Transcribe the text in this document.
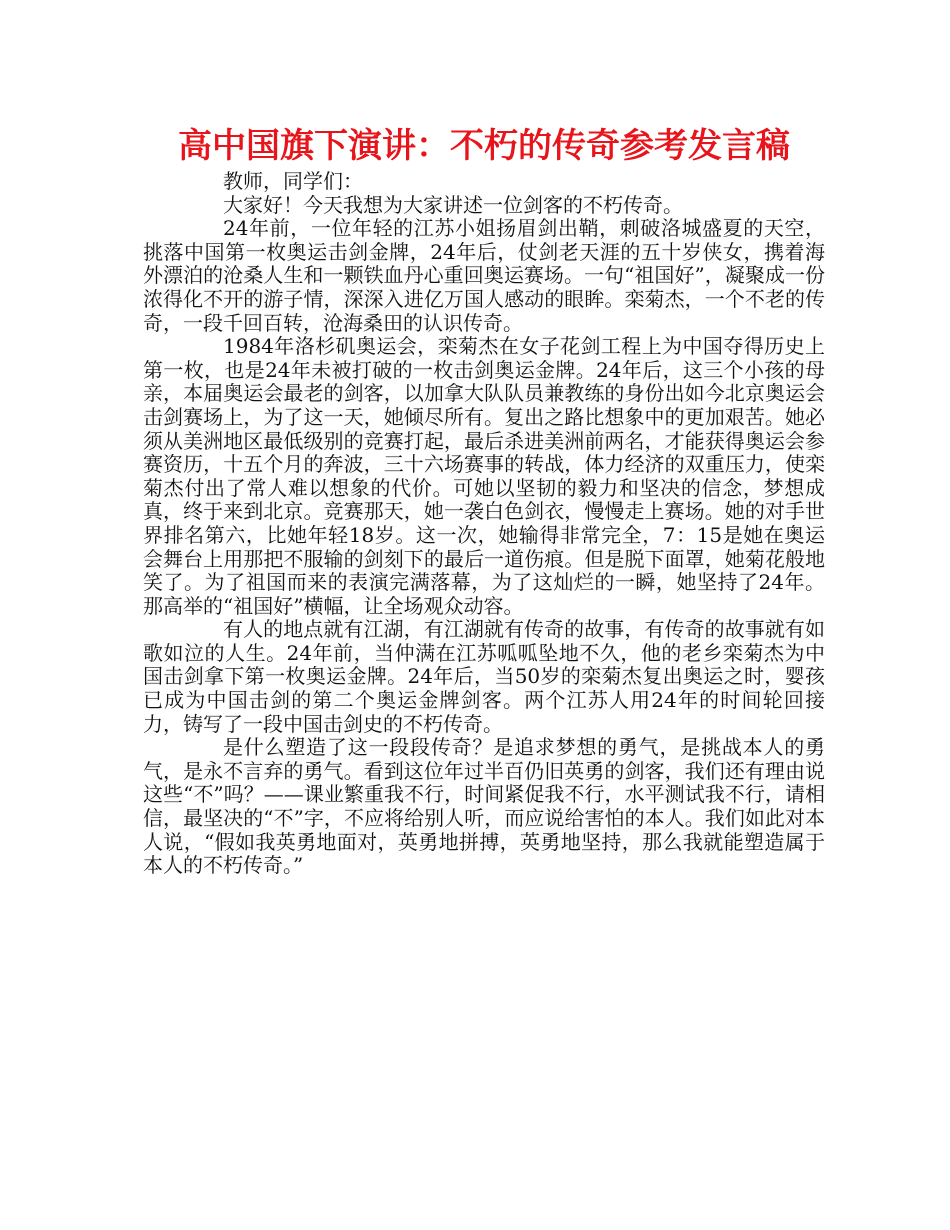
高中国旗下演讲：不朽的传奇参考发言稿

教师，同学们：

大家好！今天我想为大家讲述一位剑客的不朽传奇。

24年前，一位年轻的江苏小姐扬眉剑出鞘，刺破洛城盛夏的天空，挑落中国第一枚奥运击剑金牌，24年后，仗剑老天涯的五十岁侠女，携着海外漂泊的沧桑人生和一颗铁血丹心重回奥运赛场。一句“祖国好”，凝聚成一份浓得化不开的游子情，深深入进亿万国人感动的眼眸。栾菊杰，一个不老的传奇，一段千回百转，沧海桑田的认识传奇。

1984年洛杉矶奥运会，栾菊杰在女子花剑工程上为中国夺得历史上第一枚，也是24年未被打破的一枚击剑奥运金牌。24年后，这三个小孩的母亲，本届奥运会最老的剑客，以加拿大队队员兼教练的身份出如今北京奥运会击剑赛场上，为了这一天，她倾尽所有。复出之路比想象中的更加艰苦。她必须从美洲地区最低级别的竞赛打起，最后杀进美洲前两名，才能获得奥运会参赛资历，十五个月的奔波，三十六场赛事的转战，体力经济的双重压力，使栾菊杰付出了常人难以想象的代价。可她以坚韧的毅力和坚决的信念，梦想成真，终于来到北京。竞赛那天，她一袭白色剑衣，慢慢走上赛场。她的对手世界排名第六，比她年轻18岁。这一次，她输得非常完全，7：15是她在奥运会舞台上用那把不服输的剑刻下的最后一道伤痕。但是脱下面罩，她菊花般地笑了。为了祖国而来的表演完满落幕，为了这灿烂的一瞬，她坚持了24年。那高举的“祖国好”横幅，让全场观众动容。

有人的地点就有江湖，有江湖就有传奇的故事，有传奇的故事就有如歌如泣的人生。24年前，当仲满在江苏呱呱坠地不久，他的老乡栾菊杰为中国击剑拿下第一枚奥运金牌。24年后，当50岁的栾菊杰复出奥运之时，婴孩已成为中国击剑的第二个奥运金牌剑客。两个江苏人用24年的时间轮回接力，铸写了一段中国击剑史的不朽传奇。

是什么塑造了这一段段传奇？是追求梦想的勇气，是挑战本人的勇气，是永不言弃的勇气。看到这位年过半百仍旧英勇的剑客，我们还有理由说这些“不”吗？——课业繁重我不行，时间紧促我不行，水平测试我不行，请相信，最坚决的“不”字，不应将给别人听，而应说给害怕的本人。我们如此对本人说，“假如我英勇地面对，英勇地拼搏，英勇地坚持，那么我就能塑造属于本人的不朽传奇。”
